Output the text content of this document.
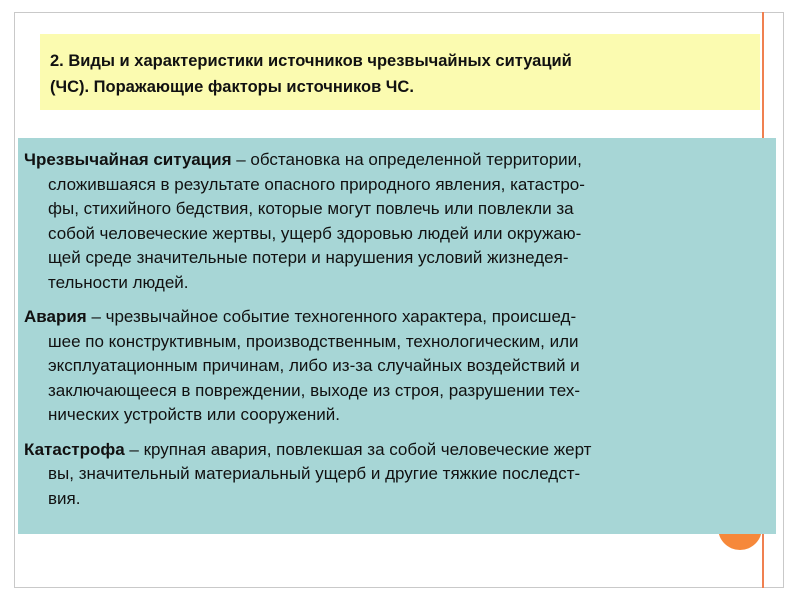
2. Виды и характеристики источников чрезвычайных ситуаций
(ЧС). Поражающие факторы источников ЧС.
Чрезвычайная ситуация – обстановка на определенной территории,
сложившаяся в результате опасного природного явления, катастро-
фы, стихийного бедствия, которые могут повлечь или повлекли за
собой человеческие жертвы, ущерб здоровью людей или окружаю-
щей среде значительные потери и нарушения условий жизнедея-
тельности людей.
Авария – чрезвычайное событие техногенного характера, происшед-
шее по конструктивным, производственным, технологическим, или
эксплуатационным причинам, либо из-за случайных воздействий и
заключающееся в повреждении, выходе из строя, разрушении тех-
нических устройств или сооружений.
Катастрофа – крупная авария, повлекшая за собой человеческие жерт
вы, значительный материальный ущерб и другие тяжкие последст-
вия.
